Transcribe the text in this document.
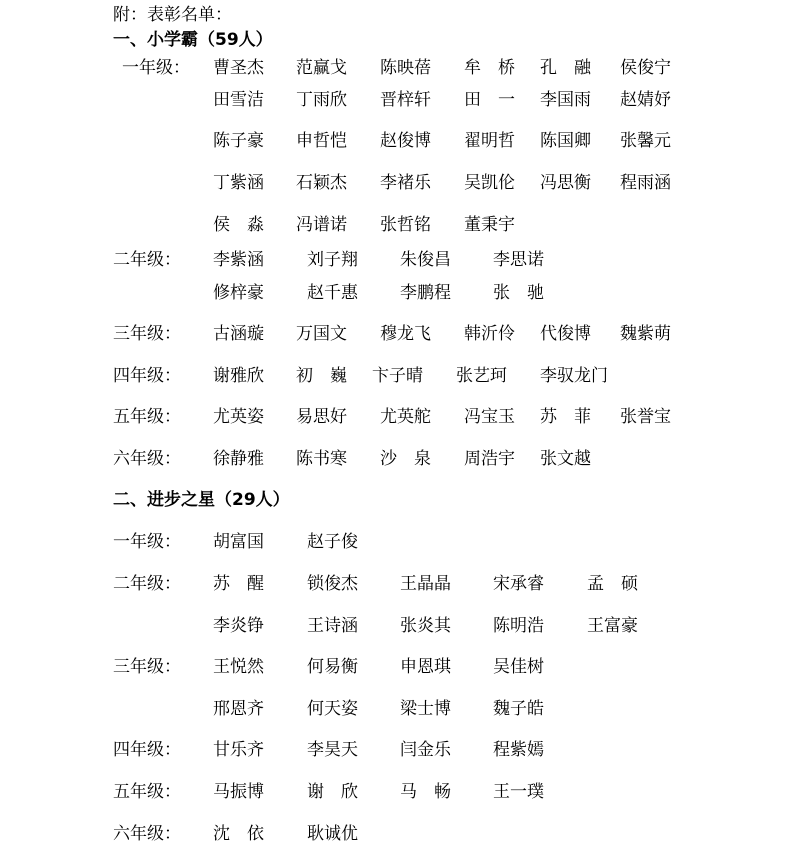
附：表彰名单：
一、小学霸（59人）
一年级： 曹圣杰 范赢戈 陈映蓓 牟　桥 孔　融 侯俊宁
田雪洁 丁雨欣 晋梓轩 田　一 李国雨 赵婧妤
陈子豪 申哲恺 赵俊博 翟明哲 陈国卿 张馨元
丁紫涵 石颖杰 李褚乐 吴凯伦 冯思衡 程雨涵
侯　淼 冯谱诺 张哲铭 董秉宇
二年级： 李紫涵	刘子翔 朱俊昌 李思诺
修梓豪	赵千惠 李鹏程 张　驰
三年级： 古涵璇 万国文 穆龙飞 韩沂伶 代俊博 魏紫萌
四年级： 谢雅欣 初　巍 卞子晴 张艺珂 李驭龙门
五年级： 尤英姿 易思好 尤英舵 冯宝玉 苏　菲 张誉宝
六年级： 徐静雅 陈书寒 沙　泉 周浩宇 张文越
二、进步之星（29人）
一年级： 胡富国	赵子俊
二年级： 苏　醒	锁俊杰 王晶晶 宋承睿	孟　硕
李炎铮	王诗涵 张炎其 陈明浩	王富豪
三年级： 王悦然	何易衡 申恩琪 吴佳树
邢恩齐	何天姿 梁士博 魏子皓
四年级： 甘乐齐	李昊天 闫金乐 程紫嫣
五年级： 马振博	谢　欣 马　畅 王一璞
六年级： 沈　依	耿诚优
